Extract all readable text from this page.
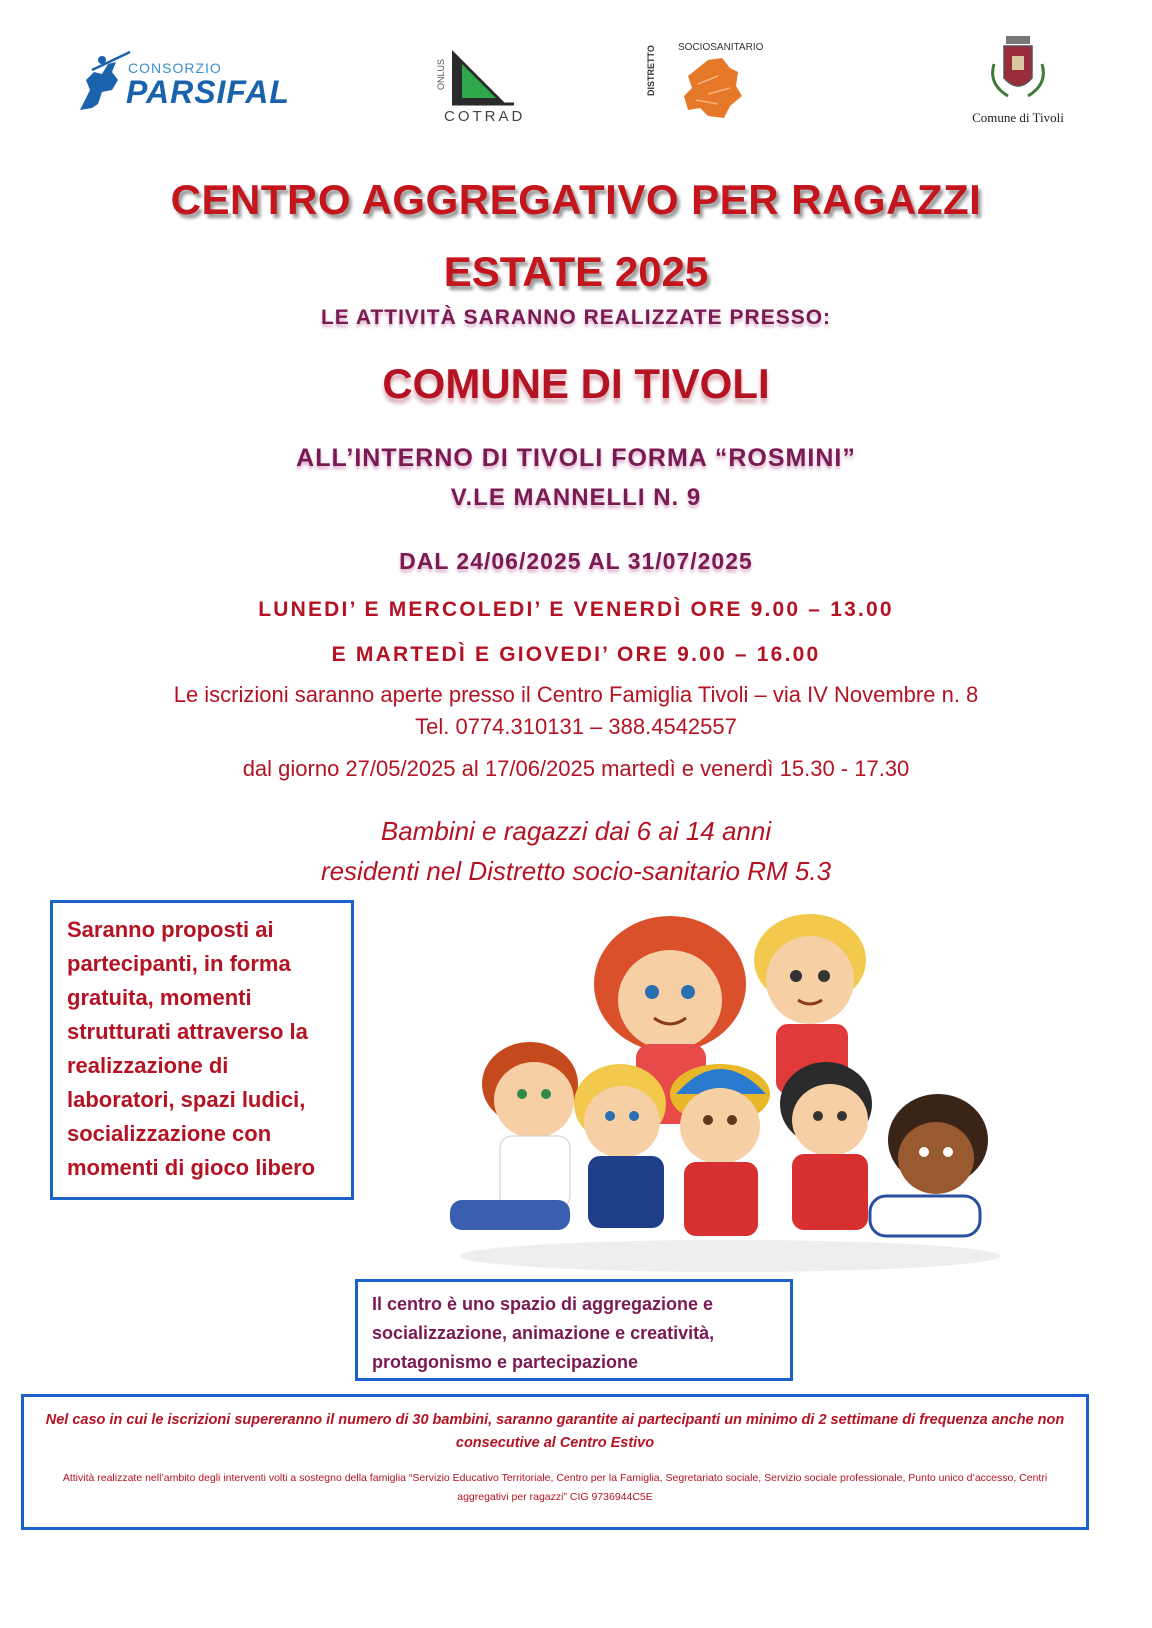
CONSORZIO
PARSIFAL	ONLUS
COTRAD
DISTRETTO SOCIOSANITARIO
Comune di Tivoli
CENTRO AGGREGATIVO PER RAGAZZI
ESTATE 2025
LE ATTIVITÀ SARANNO REALIZZATE PRESSO:
COMUNE DI TIVOLI
ALL’INTERNO DI TIVOLI FORMA “ROSMINI”
V.LE MANNELLI N. 9
DAL 24/06/2025 AL 31/07/2025
LUNEDI’ E MERCOLEDI’ E VENERDÌ ORE 9.00 – 13.00
E MARTEDÌ E GIOVEDI’ ORE 9.00 – 16.00
Le iscrizioni saranno aperte presso il Centro Famiglia Tivoli – via IV Novembre n. 8
Tel. 0774.310131 – 388.4542557
dal giorno 27/05/2025 al 17/06/2025 martedì e venerdì 15.30 - 17.30
Bambini e ragazzi dai 6 ai 14 anni
residenti nel Distretto socio-sanitario RM 5.3

Saranno proposti ai partecipanti, in forma gratuita, momenti strutturati attraverso la realizzazione di laboratori, spazi ludici, socializzazione con momenti di gioco libero

Il centro è uno spazio di aggregazione e socializzazione, animazione e creatività, protagonismo e partecipazione

Nel caso in cui le iscrizioni supereranno il numero di 30 bambini, saranno garantite ai partecipanti un minimo di 2 settimane di frequenza anche non consecutive al Centro Estivo

Attività realizzate nell’ambito degli interventi volti a sostegno della famiglia “Servizio Educativo Territoriale, Centro per la Famiglia, Segretariato sociale, Servizio sociale professionale, Punto unico d’accesso, Centri aggregativi per ragazzi” CIG 9736944C5E
